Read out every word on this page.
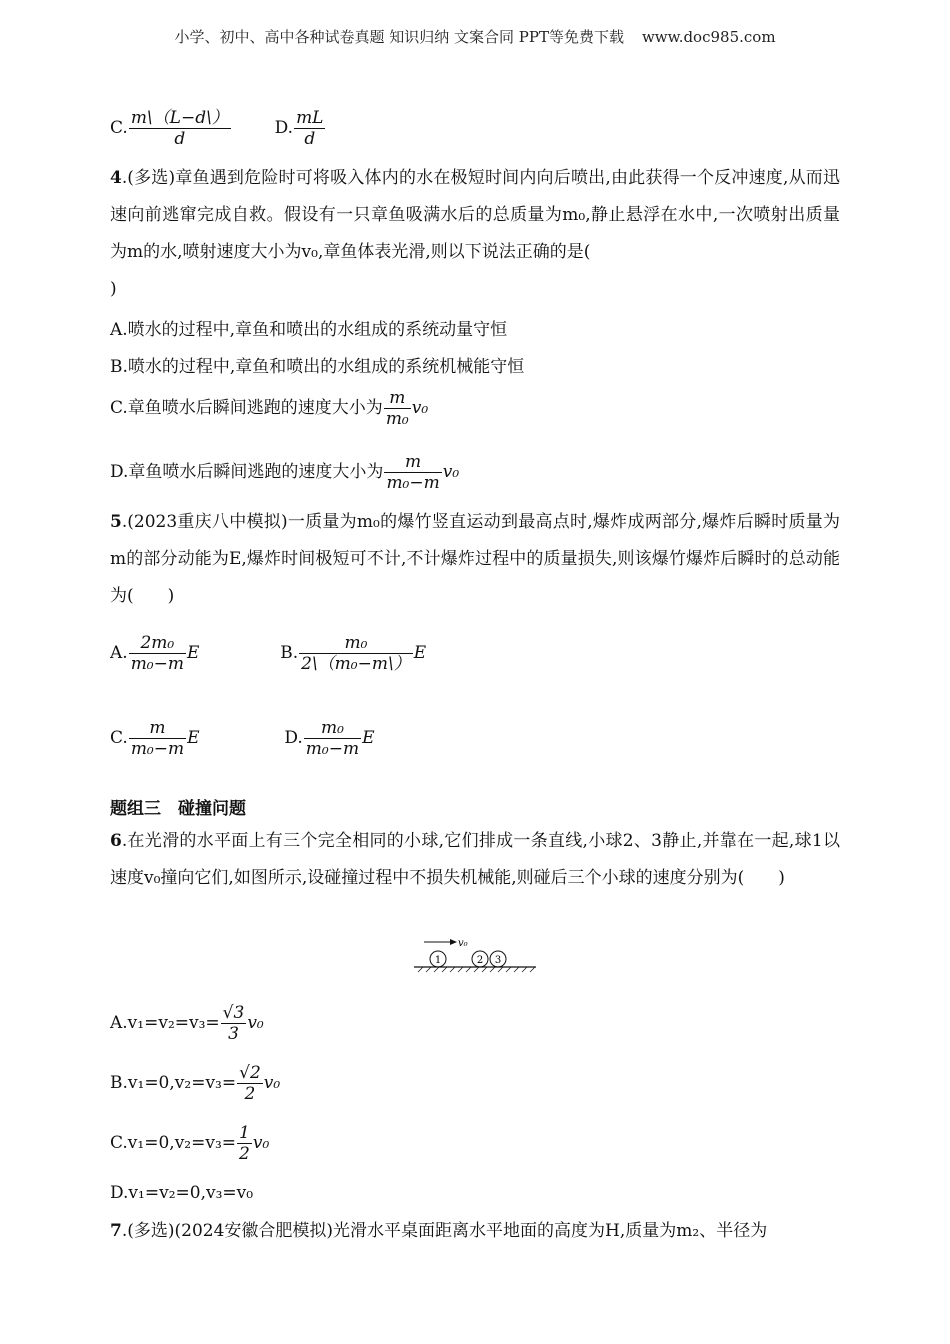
小学、初中、高中各种试卷真题 知识归纳 文案合同 PPT等免费下载 www.doc985.com
C. $\frac{m\backslash(L-d\backslash)}{d}$	D. $\frac{mL}{d}$
4.(多选)章鱼遇到危险时可将吸入体内的水在极短时间内向后喷出,由此获得一个反冲速度,从而迅速向前逃窜完成自救。假设有一只章鱼吸满水后的总质量为m₀,静止悬浮在水中,一次喷射出质量为m的水,喷射速度大小为v₀,章鱼体表光滑,则以下说法正确的是(
)
A.喷水的过程中,章鱼和喷出的水组成的系统动量守恒
B.喷水的过程中,章鱼和喷出的水组成的系统机械能守恒
C.章鱼喷水后瞬间逃跑的速度大小为 $\frac{m}{\text{m₀}} v_0$
D.章鱼喷水后瞬间逃跑的速度大小为 $\frac{m}{\text{m₀−m}} v_0$
5.(2023重庆八中模拟)一质量为m₀的爆竹竖直运动到最高点时,爆炸成两部分,爆炸后瞬时质量为m的部分动能为E,爆炸时间极短可不计,不计爆炸过程中的质量损失,则该爆竹爆炸后瞬时的总动能为(　　)
A. $\frac{\text{2m₀}}{\text{m₀−m}}$ E	B. $\frac{\text{m₀}}{\text{2\textbackslash{}（m₀−m\textbackslash{}）}}$ E
C. $\frac{m}{\text{m₀−m}}$ E	D. $\frac{\text{m₀}}{\text{m₀−m}}$ E
题组三　碰撞问题
6.在光滑的水平面上有三个完全相同的小球,它们排成一条直线,小球2、3静止,并靠在一起,球1以速度v₀撞向它们,如图所示,设碰撞过程中不损失机械能,则碰后三个小球的速度分别为(　　)
v₀
1	2 3
$A.v_1=v_2=v_3= \frac{√3}{3} v_0$
$B.v_1=0,v_2=v_3= \frac{√2}{2} v_0$
$C.v_1=0,v_2=v_3= \frac{1}{2} v_0$
D.v₁=v₂=0,v₃=v₀
7.(多选)(2024安徽合肥模拟)光滑水平桌面距离水平地面的高度为H,质量为m₂、半径为
